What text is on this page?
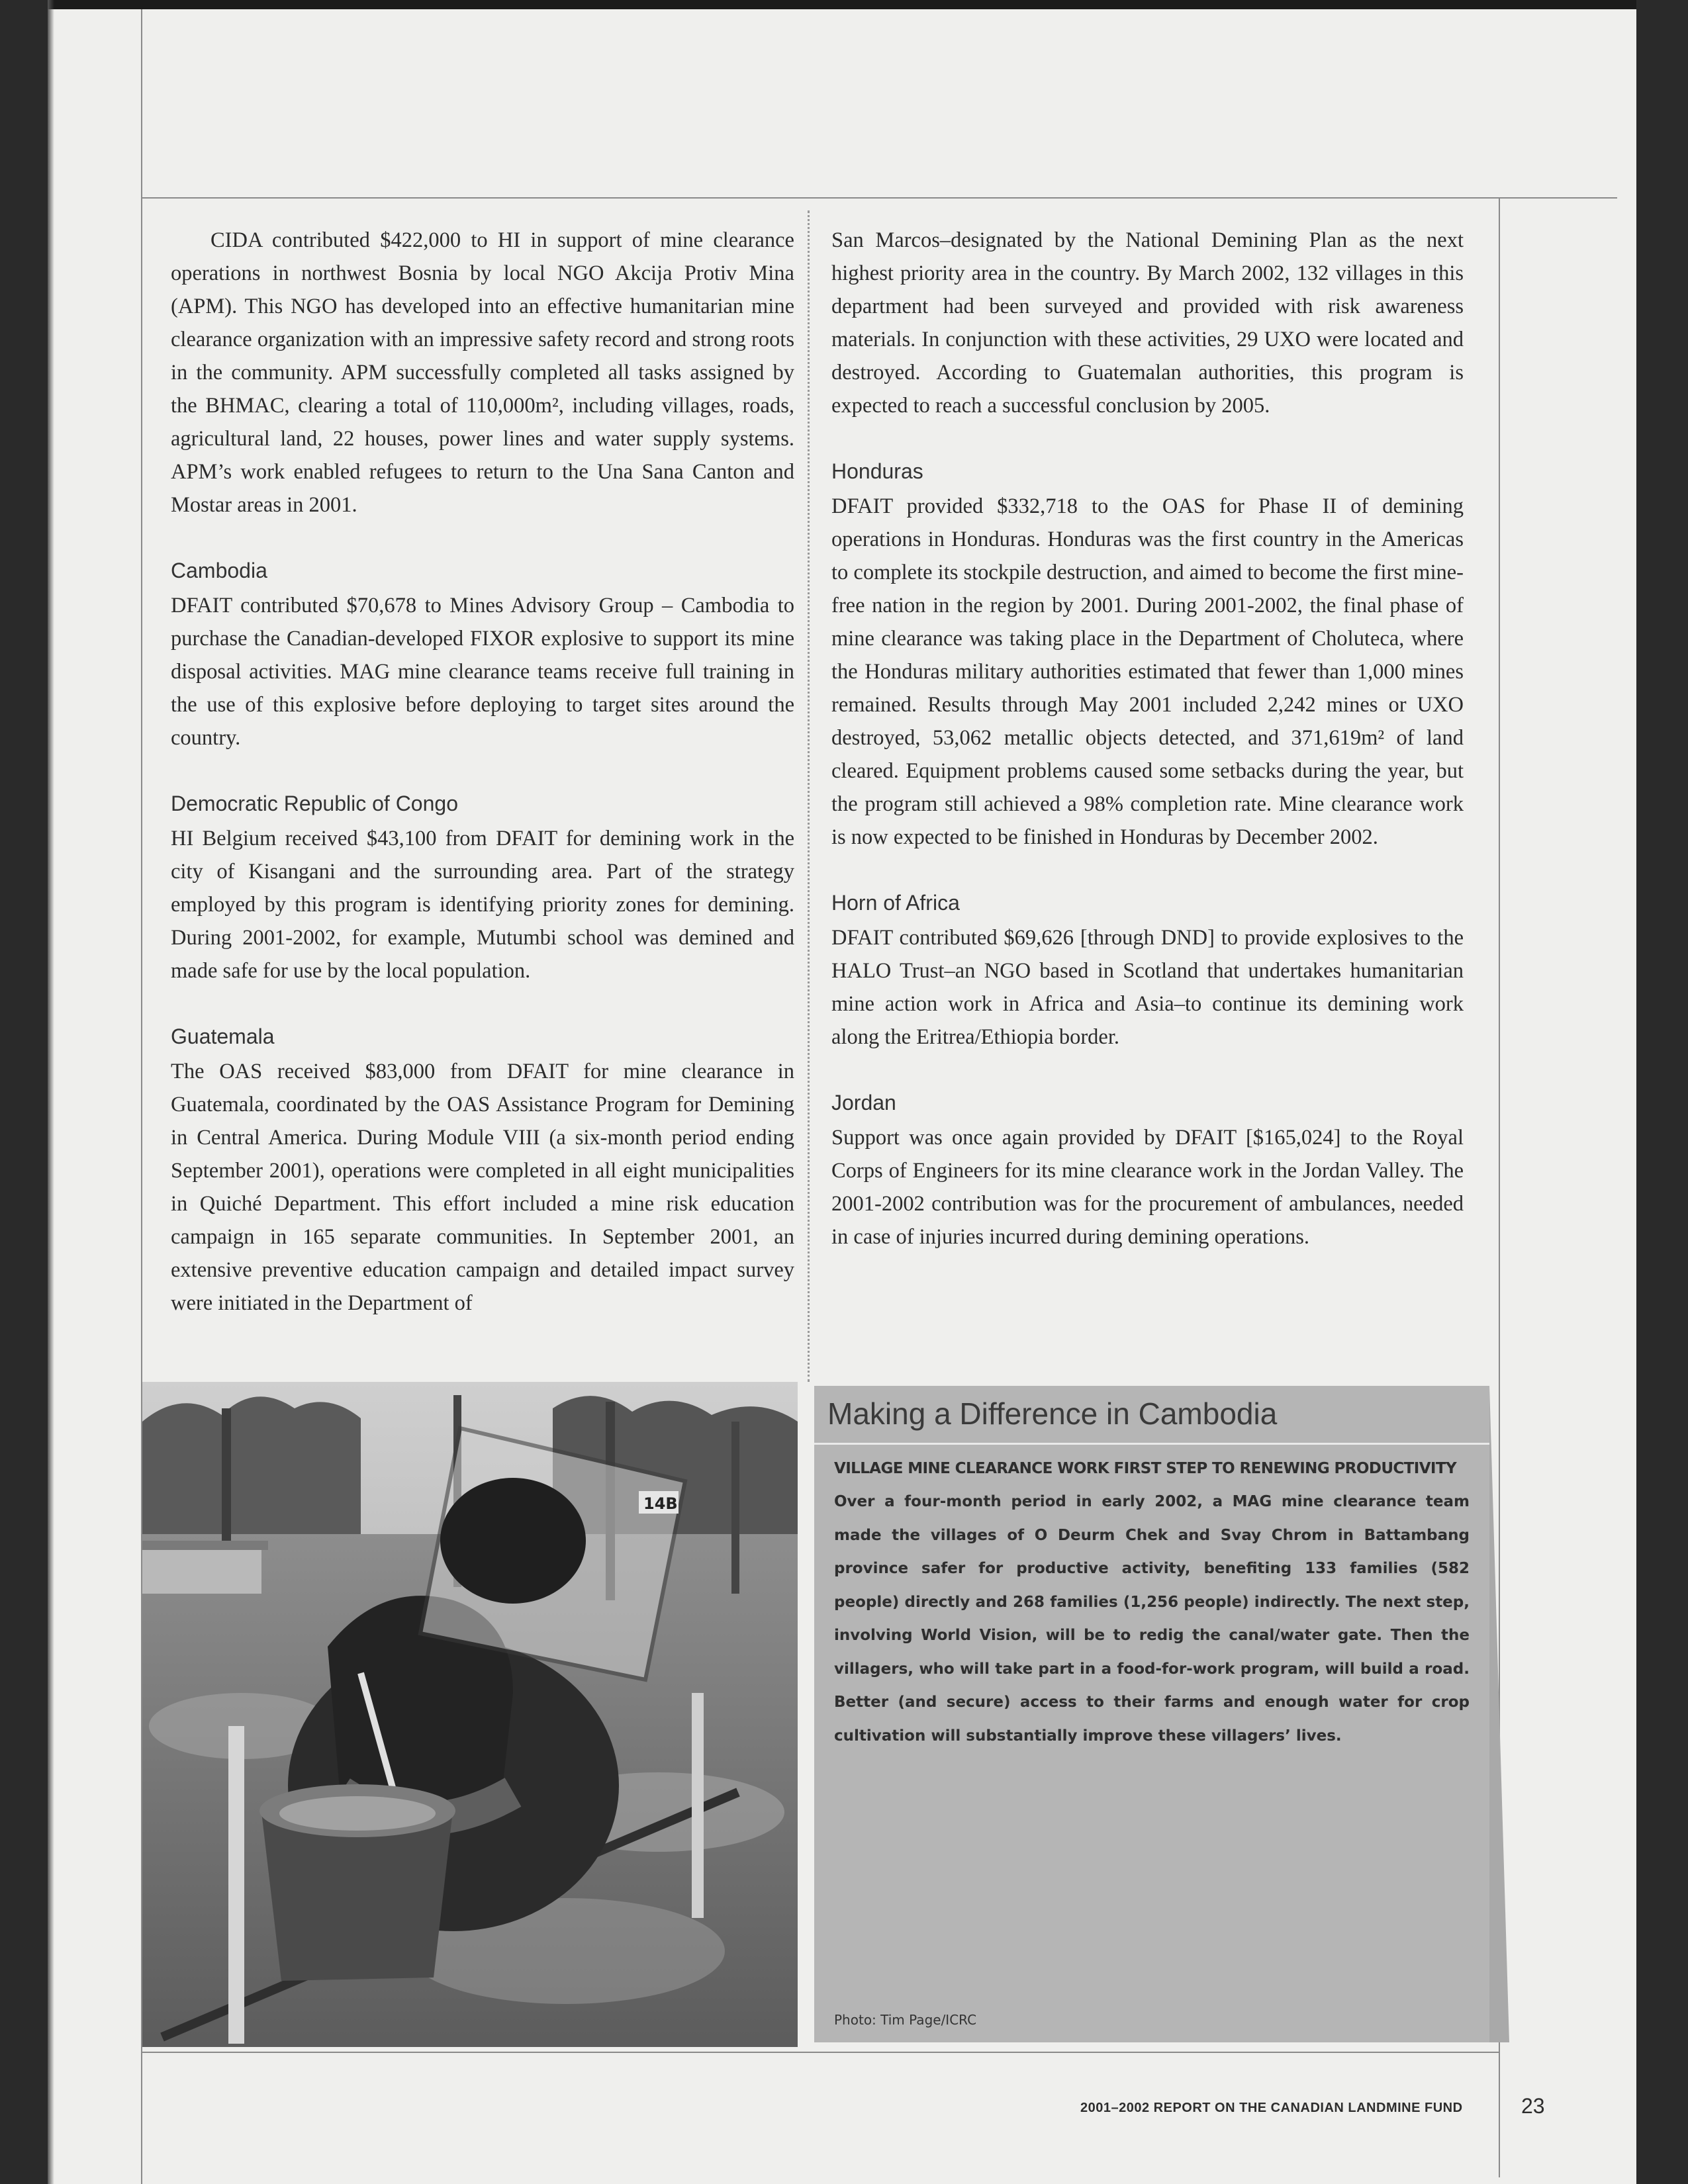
CIDA contributed $422,000 to HI in support of mine clearance operations in northwest Bosnia by local NGO Akcija Protiv Mina (APM). This NGO has developed into an effective humanitarian mine clearance organization with an impressive safety record and strong roots in the community. APM successfully completed all tasks assigned by the BHMAC, clearing a total of 110,000m², including villages, roads, agricultural land, 22 houses, power lines and water supply systems. APM’s work enabled refugees to return to the Una Sana Canton and Mostar areas in 2001.

Cambodia

DFAIT contributed $70,678 to Mines Advisory Group – Cambodia to purchase the Canadian-developed FIXOR explosive to support its mine disposal activities. MAG mine clearance teams receive full training in the use of this explosive before deploying to target sites around the country.

Democratic Republic of Congo

HI Belgium received $43,100 from DFAIT for demining work in the city of Kisangani and the surrounding area. Part of the strategy employed by this program is identifying priority zones for demining. During 2001-2002, for example, Mutumbi school was demined and made safe for use by the local population.

Guatemala

The OAS received $83,000 from DFAIT for mine clearance in Guatemala, coordinated by the OAS Assistance Program for Demining in Central America. During Module VIII (a six-month period ending September 2001), operations were completed in all eight municipalities in Quiché Department. This effort included a mine risk education campaign in 165 separate communities. In September 2001, an extensive preventive education campaign and detailed impact survey were initiated in the Department of

San Marcos–designated by the National Demining Plan as the next highest priority area in the country. By March 2002, 132 villages in this department had been surveyed and provided with risk awareness materials. In conjunction with these activities, 29 UXO were located and destroyed. According to Guatemalan authorities, this program is expected to reach a successful conclusion by 2005.

Honduras

DFAIT provided $332,718 to the OAS for Phase II of demining operations in Honduras. Honduras was the first country in the Americas to complete its stockpile destruction, and aimed to become the first mine-free nation in the region by 2001. During 2001-2002, the final phase of mine clearance was taking place in the Department of Choluteca, where the Honduras military authorities estimated that fewer than 1,000 mines remained. Results through May 2001 included 2,242 mines or UXO destroyed, 53,062 metallic objects detected, and 371,619m² of land cleared. Equipment problems caused some setbacks during the year, but the program still achieved a 98% completion rate. Mine clearance work is now expected to be finished in Honduras by December 2002.

Horn of Africa

DFAIT contributed $69,626 [through DND] to provide explosives to the HALO Trust–an NGO based in Scotland that undertakes humanitarian mine action work in Africa and Asia–to continue its demining work along the Eritrea/Ethiopia border.

Jordan

Support was once again provided by DFAIT [$165,024] to the Royal Corps of Engineers for its mine clearance work in the Jordan Valley. The 2001-2002 contribution was for the procurement of ambulances, needed in case of injuries incurred during demining operations.

14B
Making a Difference in Cambodia
VILLAGE MINE CLEARANCE WORK FIRST STEP TO RENEWING PRODUCTIVITY

Over a four-month period in early 2002, a MAG mine clearance team made the villages of O Deurm Chek and Svay Chrom in Battambang province safer for productive activity, benefiting 133 families (582 people) directly and 268 families (1,256 people) indirectly. The next step, involving World Vision, will be to redig the canal/water gate. Then the villagers, who will take part in a food-for-work program, will build a road. Better (and secure) access to their farms and enough water for crop cultivation will substantially improve these villagers’ lives.

Photo: Tim Page/ICRC
2001–2002 REPORT ON THE CANADIAN LANDMINE FUND	23
